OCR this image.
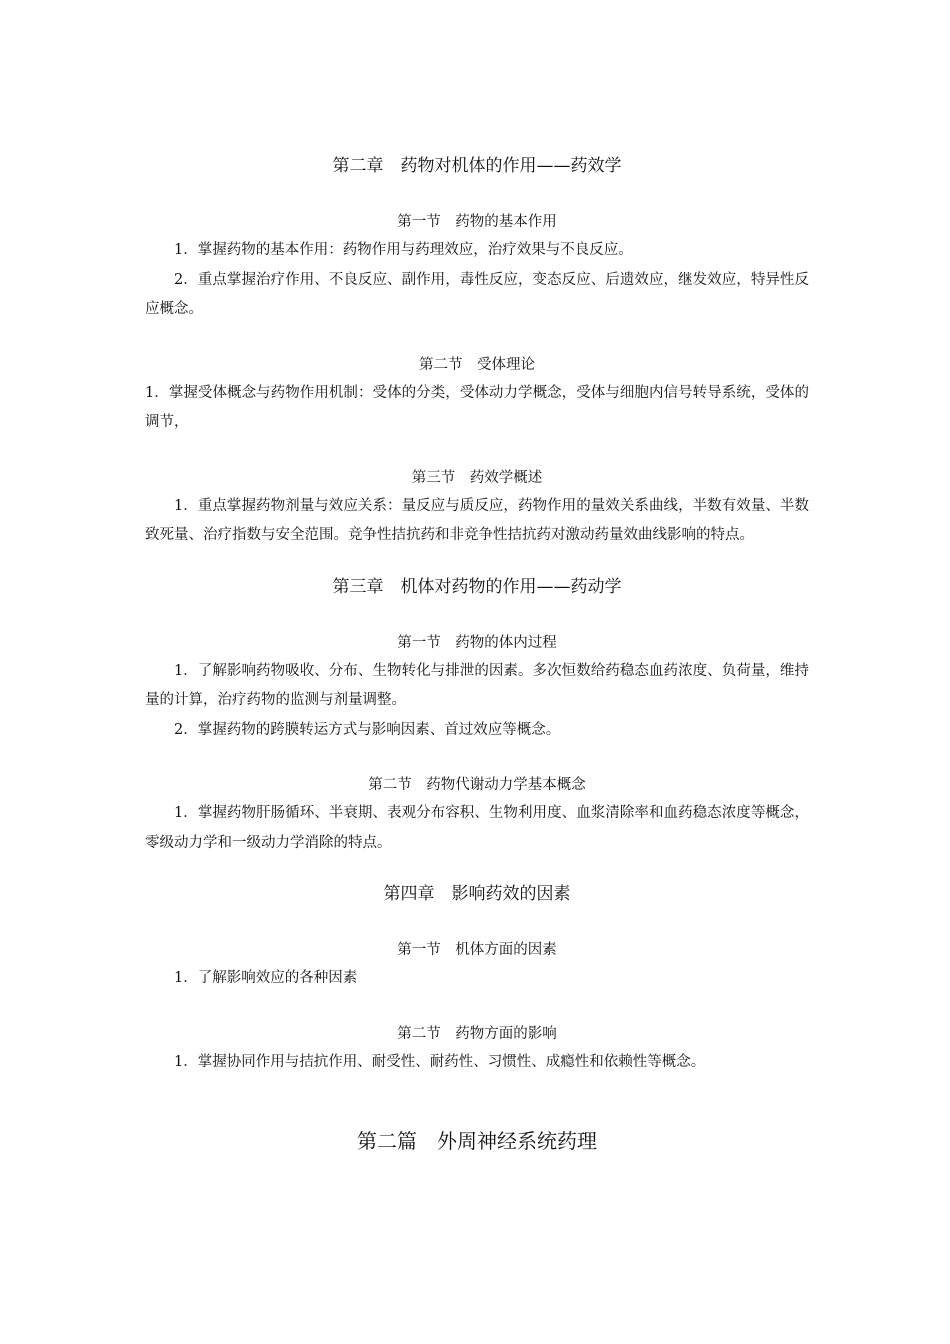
第二章　药物对机体的作用——药效学
第一节　药物的基本作用

1．掌握药物的基本作用：药物作用与药理效应，治疗效果与不良反应。

2．重点掌握治疗作用、不良反应、副作用，毒性反应，变态反应、后遗效应，继发效应，特异性反应概念。

第二节　受体理论

1．掌握受体概念与药物作用机制：受体的分类，受体动力学概念，受体与细胞内信号转导系统，受体的调节，

第三节　药效学概述

1．重点掌握药物剂量与效应关系：量反应与质反应，药物作用的量效关系曲线，半数有效量、半数致死量、治疗指数与安全范围。竞争性拮抗药和非竞争性拮抗药对激动药量效曲线影响的特点。

第三章　机体对药物的作用——药动学
第一节　药物的体内过程

1．了解影响药物吸收、分布、生物转化与排泄的因素。多次恒数给药稳态血药浓度、负荷量，维持量的计算，治疗药物的监测与剂量调整。

2．掌握药物的跨膜转运方式与影响因素、首过效应等概念。

第二节　药物代谢动力学基本概念

1．掌握药物肝肠循环、半衰期、表观分布容积、生物利用度、血浆清除率和血药稳态浓度等概念，零级动力学和一级动力学消除的特点。

第四章　影响药效的因素
第一节　机体方面的因素

1．了解影响效应的各种因素

第二节　药物方面的影响

1．掌握协同作用与拮抗作用、耐受性、耐药性、习惯性、成瘾性和依赖性等概念。

第二篇　外周神经系统药理
